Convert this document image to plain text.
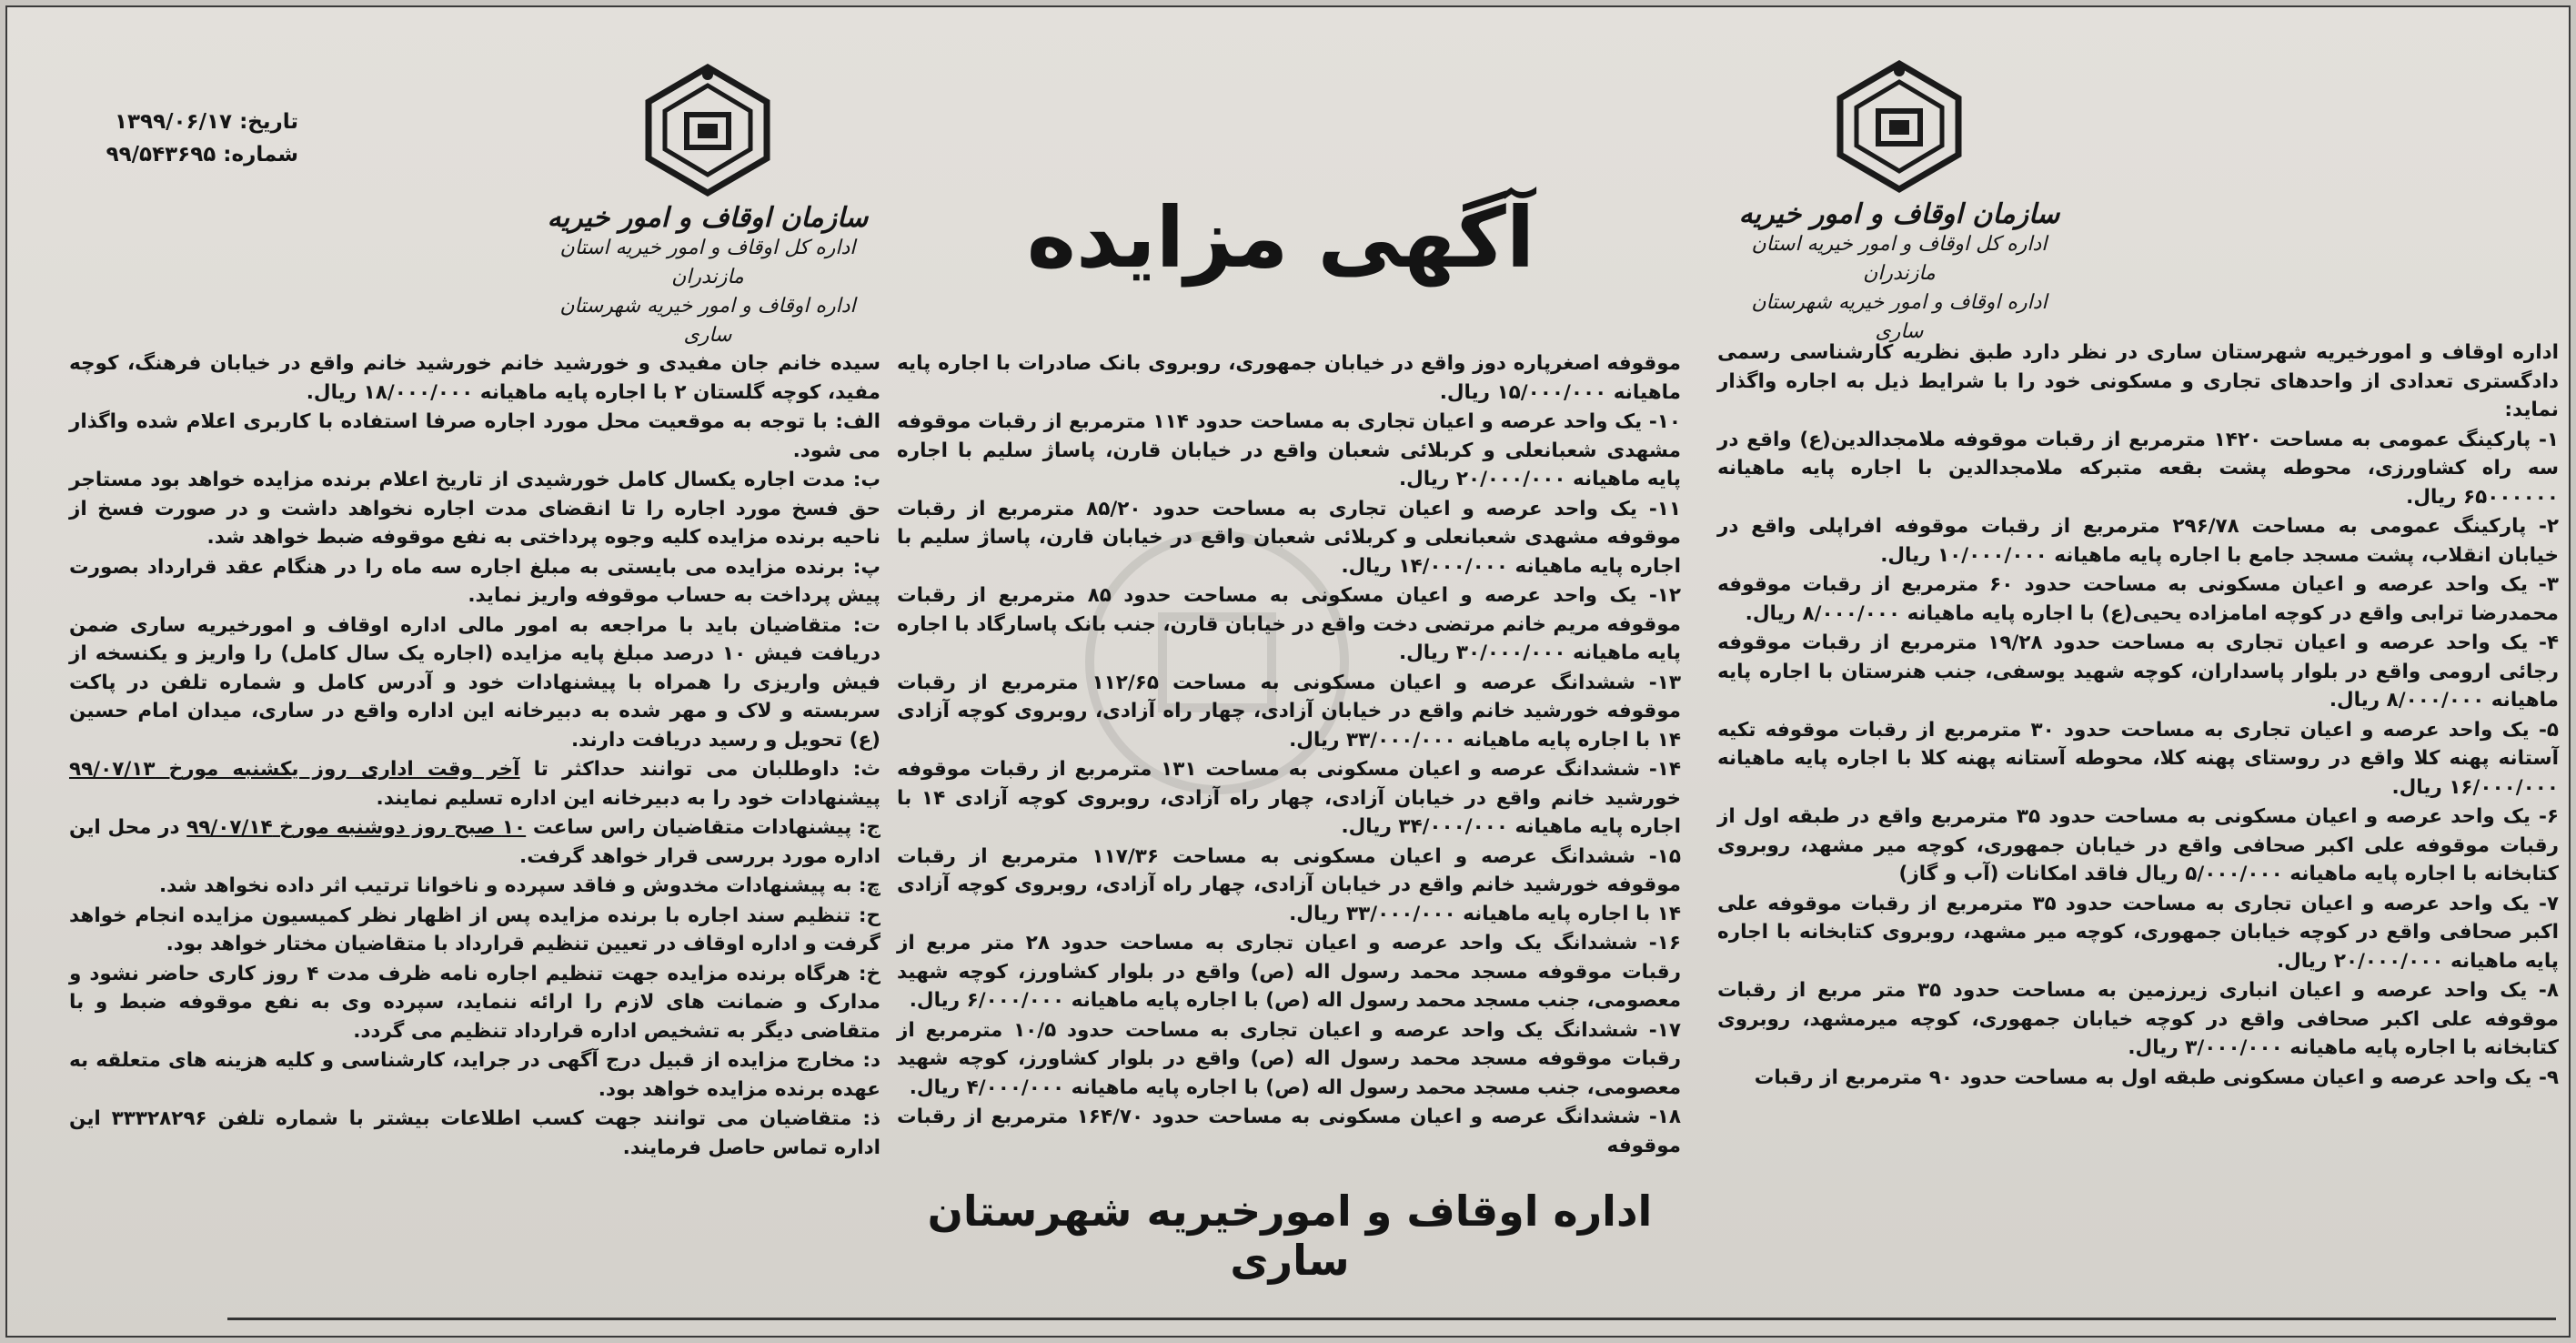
سازمان اوقاف و امور خیریه
اداره کل اوقاف و امور خیریه استان مازندران
اداره اوقاف و امور خیریه شهرستان ساری
سازمان اوقاف و امور خیریه
اداره کل اوقاف و امور خیریه استان مازندران
اداره اوقاف و امور خیریه شهرستان ساری
تاریخ:۱۳۹۹/۰۶/۱۷
شماره:۹۹/۵۴۳۶۹۵
آگهی مزایده

اداره اوقاف و امورخیریه شهرستان ساری در نظر دارد طبق نظریه کارشناسی رسمی دادگستری تعدادی از واحدهای تجاری و مسکونی خود را با شرایط ذیل به اجاره واگذار نماید:

۱- پارکینگ عمومی به مساحت ۱۴۲۰ مترمربع از رقبات موقوفه ملامجدالدین(ع) واقع در سه راه کشاورزی، محوطه پشت بقعه متبرکه ملامجدالدین با اجاره پایه ماهیانه ۶۵۰۰۰۰۰۰ ریال.

۲- پارکینگ عمومی به مساحت ۲۹۶/۷۸ مترمربع از رقبات موقوفه افراپلی واقع در خیابان انقلاب، پشت مسجد جامع با اجاره پایه ماهیانه ۱۰/۰۰۰/۰۰۰ ریال.

۳- یک واحد عرصه و اعیان مسکونی به مساحت حدود ۶۰ مترمربع از رقبات موقوفه محمدرضا ترابی واقع در کوچه امامزاده یحیی(ع) با اجاره پایه ماهیانه ۸/۰۰۰/۰۰۰ ریال.

۴- یک واحد عرصه و اعیان تجاری به مساحت حدود ۱۹/۲۸ مترمربع از رقبات موقوفه رجائی ارومی واقع در بلوار پاسداران، کوچه شهید یوسفی، جنب هنرستان با اجاره پایه ماهیانه ۸/۰۰۰/۰۰۰ ریال.

۵- یک واحد عرصه و اعیان تجاری به مساحت حدود ۳۰ مترمربع از رقبات موقوفه تکیه آستانه پهنه کلا واقع در روستای پهنه کلا، محوطه آستانه پهنه کلا با اجاره پایه ماهیانه ۱۶/۰۰۰/۰۰۰ ریال.

۶- یک واحد عرصه و اعیان مسکونی به مساحت حدود ۳۵ مترمربع واقع در طبقه اول از رقبات موقوفه علی اکبر صحافی واقع در خیابان جمهوری، کوچه میر مشهد، روبروی کتابخانه با اجاره پایه ماهیانه ۵/۰۰۰/۰۰۰ ریال فاقد امکانات (آب و گاز)

۷- یک واحد عرصه و اعیان تجاری به مساحت حدود ۳۵ مترمربع از رقبات موقوفه علی اکبر صحافی واقع در کوچه خیابان جمهوری، کوچه میر مشهد، روبروی کتابخانه با اجاره پایه ماهیانه ۲۰/۰۰۰/۰۰۰ ریال.

۸- یک واحد عرصه و اعیان انباری زیرزمین به مساحت حدود ۳۵ متر مربع از رقبات موقوفه علی اکبر صحافی واقع در کوچه خیابان جمهوری، کوچه میرمشهد، روبروی کتابخانه با اجاره پایه ماهیانه ۳/۰۰۰/۰۰۰ ریال.

۹- یک واحد عرصه و اعیان مسکونی طبقه اول به مساحت حدود ۹۰ مترمربع از رقبات

موقوفه اصغرپاره دوز واقع در خیابان جمهوری، روبروی بانک صادرات با اجاره پایه ماهیانه ۱۵/۰۰۰/۰۰۰ ریال.

۱۰- یک واحد عرصه و اعیان تجاری به مساحت حدود ۱۱۴ مترمربع از رقبات موقوفه مشهدی شعبانعلی و کربلائی شعبان واقع در خیابان قارن، پاساژ سلیم با اجاره پایه ماهیانه ۲۰/۰۰۰/۰۰۰ ریال.

۱۱- یک واحد عرصه و اعیان تجاری به مساحت حدود ۸۵/۲۰ مترمربع از رقبات موقوفه مشهدی شعبانعلی و کربلائی شعبان واقع در خیابان قارن، پاساژ سلیم با اجاره پایه ماهیانه ۱۴/۰۰۰/۰۰۰ ریال.

۱۲- یک واحد عرصه و اعیان مسکونی به مساحت حدود ۸۵ مترمربع از رقبات موقوفه مریم خانم مرتضی دخت واقع در خیابان قارن، جنب بانک پاسارگاد با اجاره پایه ماهیانه ۳۰/۰۰۰/۰۰۰ ریال.

۱۳- ششدانگ عرصه و اعیان مسکونی به مساحت ۱۱۲/۶۵ مترمربع از رقبات موقوفه خورشید خانم واقع در خیابان آزادی، چهار راه آزادی، روبروی کوچه آزادی ۱۴ با اجاره پایه ماهیانه ۳۳/۰۰۰/۰۰۰ ریال.

۱۴- ششدانگ عرصه و اعیان مسکونی به مساحت ۱۳۱ مترمربع از رقبات موقوفه خورشید خانم واقع در خیابان آزادی، چهار راه آزادی، روبروی کوچه آزادی ۱۴ با اجاره پایه ماهیانه ۳۴/۰۰۰/۰۰۰ ریال.

۱۵- ششدانگ عرصه و اعیان مسکونی به مساحت ۱۱۷/۳۶ مترمربع از رقبات موقوفه خورشید خانم واقع در خیابان آزادی، چهار راه آزادی، روبروی کوچه آزادی ۱۴ با اجاره پایه ماهیانه ۳۳/۰۰۰/۰۰۰ ریال.

۱۶- ششدانگ یک واحد عرصه و اعیان تجاری به مساحت حدود ۲۸ متر مربع از رقبات موقوفه مسجد محمد رسول اله (ص) واقع در بلوار کشاورز، کوچه شهید معصومی، جنب مسجد محمد رسول اله (ص) با اجاره پایه ماهیانه ۶/۰۰۰/۰۰۰ ریال.

۱۷- ششدانگ یک واحد عرصه و اعیان تجاری به مساحت حدود ۱۰/۵ مترمربع از رقبات موقوفه مسجد محمد رسول اله (ص) واقع در بلوار کشاورز، کوچه شهید معصومی، جنب مسجد محمد رسول اله (ص) با اجاره پایه ماهیانه ۴/۰۰۰/۰۰۰ ریال.

۱۸- ششدانگ عرصه و اعیان مسکونی به مساحت حدود ۱۶۴/۷۰ مترمربع از رقبات موقوفه

سیده خانم جان مفیدی و خورشید خانم خورشید خانم واقع در خیابان فرهنگ، کوچه مفید، کوچه گلستان ۲ با اجاره پایه ماهیانه ۱۸/۰۰۰/۰۰۰ ریال.

الف: با توجه به موقعیت محل مورد اجاره صرفا استفاده با کاربری اعلام شده واگذار می شود.

ب: مدت اجاره یکسال کامل خورشیدی از تاریخ اعلام برنده مزایده خواهد بود مستاجر حق فسخ مورد اجاره را تا انقضای مدت اجاره نخواهد داشت و در صورت فسخ از ناحیه برنده مزایده کلیه وجوه پرداختی به نفع موقوفه ضبط خواهد شد.

پ: برنده مزایده می بایستی به مبلغ اجاره سه ماه را در هنگام عقد قرارداد بصورت پیش پرداخت به حساب موقوفه واریز نماید.

ت: متقاضیان باید با مراجعه به امور مالی اداره اوقاف و امورخیریه ساری ضمن دریافت فیش ۱۰ درصد مبلغ پایه مزایده (اجاره یک سال کامل) را واریز و یکنسخه از فیش واریزی را همراه با پیشنهادات خود و آدرس کامل و شماره تلفن در پاکت سربسته و لاک و مهر شده به دبیرخانه این اداره واقع در ساری، میدان امام حسین (ع) تحویل و رسید دریافت دارند.

ث: داوطلبان می توانند حداکثر تا آخر وقت اداری روز یکشنبه مورخ ۹۹/۰۷/۱۳ پیشنهادات خود را به دبیرخانه این اداره تسلیم نمایند.

ج: پیشنهادات متقاضیان راس ساعت ۱۰ صبح روز دوشنبه مورخ ۹۹/۰۷/۱۴ در محل این اداره مورد بررسی قرار خواهد گرفت.

چ: به پیشنهادات مخدوش و فاقد سپرده و ناخوانا ترتیب اثر داده نخواهد شد.

ح: تنظیم سند اجاره با برنده مزایده پس از اظهار نظر کمیسیون مزایده انجام خواهد گرفت و اداره اوقاف در تعیین تنظیم قرارداد با متقاضیان مختار خواهد بود.

خ: هرگاه برنده مزایده جهت تنظیم اجاره نامه ظرف مدت ۴ روز کاری حاضر نشود و مدارک و ضمانت های لازم را ارائه ننماید، سپرده وی به نفع موقوفه ضبط و با متقاضی دیگر به تشخیص اداره قرارداد تنظیم می گردد.

د: مخارج مزایده از قبیل درج آگهی در جراید، کارشناسی و کلیه هزینه های متعلقه به عهده برنده مزایده خواهد بود.

ذ: متقاضیان می توانند جهت کسب اطلاعات بیشتر با شماره تلفن ۳۳۳۲۸۲۹۶ این اداره تماس حاصل فرمایند.

اداره اوقاف و امورخیریه شهرستان ساری
